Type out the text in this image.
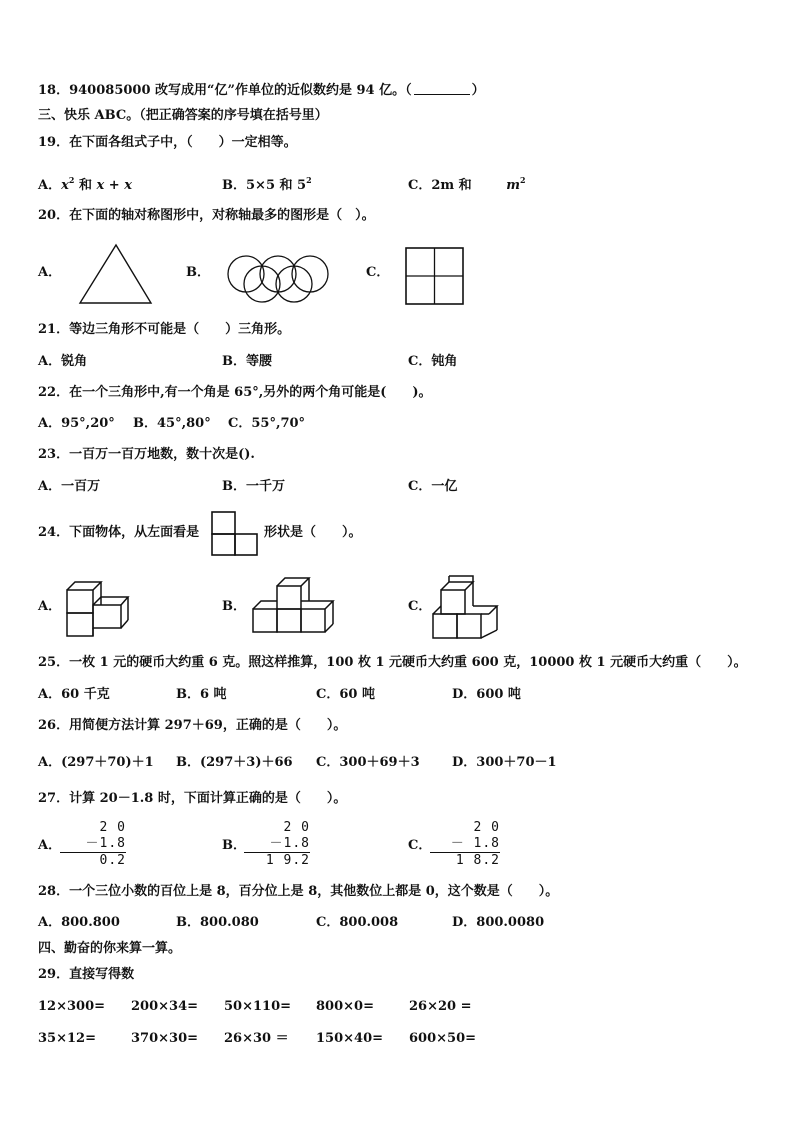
18．940085000 改写成用“亿”作单位的近似数约是 94 亿。（	）
三、快乐 ABC。（把正确答案的序号填在括号里）
19．在下面各组式子中，（　　）一定相等。
A．$x^2$ 和 x + x	B．5×5 和 $5^2$	C．2m 和	$m^2$
20．在下面的轴对称图形中，对称轴最多的图形是（　）。
A．	B．	C．
21．等边三角形不可能是（　　）三角形。
A．锐角	B．等腰	C．钝角
22．在一个三角形中,有一个角是 65°,另外的两个角可能是(　　)。
A．95°,20° B．45°,80° C．55°,70°
23．一百万一百万地数，数十次是().
A．一百万	B．一千万	C．一亿
24．下面物体，从左面看是	形状是（　　）。
A．	B．	C．
25．一枚 1 元的硬币大约重 6 克。照这样推算，100 枚 1 元硬币大约重 600 克，10000 枚 1 元硬币大约重（　　）。
A．60 千克	B．6 吨	C．60 吨	D．600 吨
26．用简便方法计算 297＋69，正确的是（　　）。
A．(297＋70)＋1 B．(297＋3)＋66 C．300＋69＋3 D．300＋70－1
27．计算 20－1.8 时，下面计算正确的是（　　）。
A．
2 0
－1.8
0.2
B．
2 0
－1.8
1 9.2
C．
2 0
－ 1.8
1 8.2
28．一个三位小数的百位上是 8，百分位上是 8，其他数位上都是 0，这个数是（　　）。
A．800.800	B．800.080	C．800.008	D．800.0080
四、勤奋的你来算一算。
29．直接写得数
12×300= 200×34= 50×110= 800×0=	26×20 =
35×12=	370×30= 26×30 ＝ 150×40= 600×50=
